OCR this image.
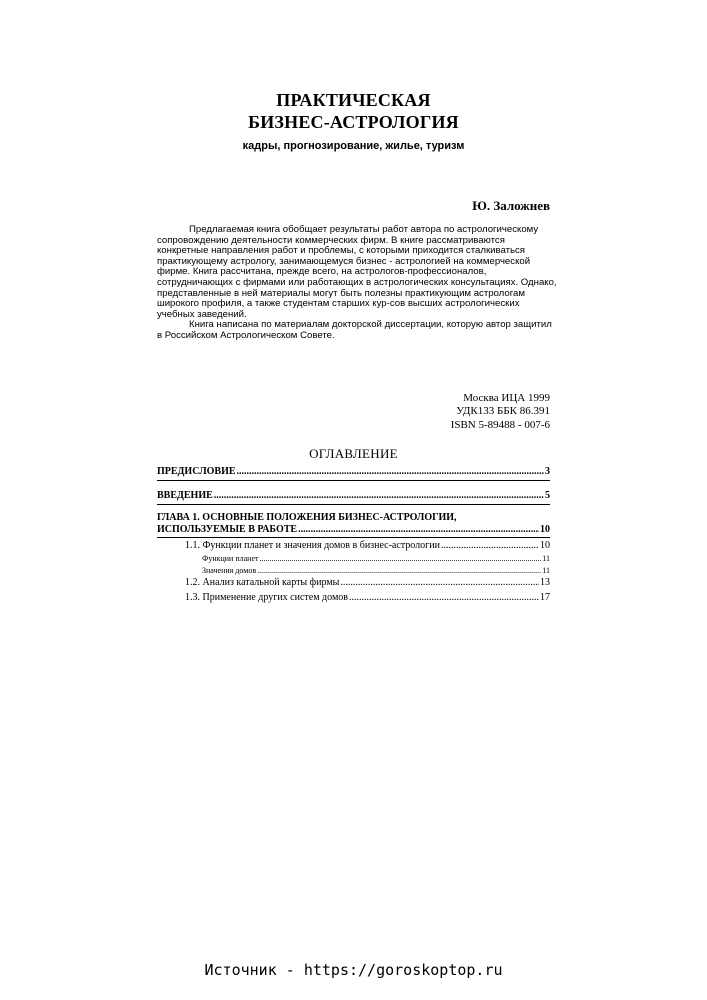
ПРАКТИЧЕСКАЯ
БИЗНЕС-АСТРОЛОГИЯ
кадры, прогнозирование, жилье, туризм
Ю. Заложнев

Предлагаемая книга обобщает результаты работ автора по астрологическому сопровождению деятельности коммерческих фирм. В книге рассматриваются конкретные направления работ и проблемы, с которыми приходится сталкиваться практикующему астрологу, занимающемуся бизнес - астрологией на коммерческой фирме. Книга рассчитана, прежде всего, на астрологов-профессионалов, сотрудничающих с фирмами или работающих в астрологических консультациях. Однако, представленные в ней материалы могут быть полезны практикующим астрологам широкого профиля, а также студентам старших кур-сов высших астрологических учебных заведений.

Книга написана по материалам докторской диссертации, которую автор защитил в Российском Астрологическом Совете.

Москва ИЦА 1999
УДК133 ББК 86.391
ISBN 5-89488 - 007-6
ОГЛАВЛЕНИЕ
ПРЕДИСЛОВИЕ .....	3
ВВЕДЕНИЕ .....	5
ГЛАВА 1. ОСНОВНЫЕ ПОЛОЖЕНИЯ БИЗНЕС-АСТРОЛОГИИ,
ИСПОЛЬЗУЕМЫЕ В РАБОТЕ .....	10
1.1. Функции планет и значения домов в бизнес-астрологии .....	10
Функции планет .....	11
Значения домов .....	11
1.2. Анализ катальной карты фирмы .....	13
1.3. Применение других систем домов .....	17
Источник - https://goroskoptop.ru
